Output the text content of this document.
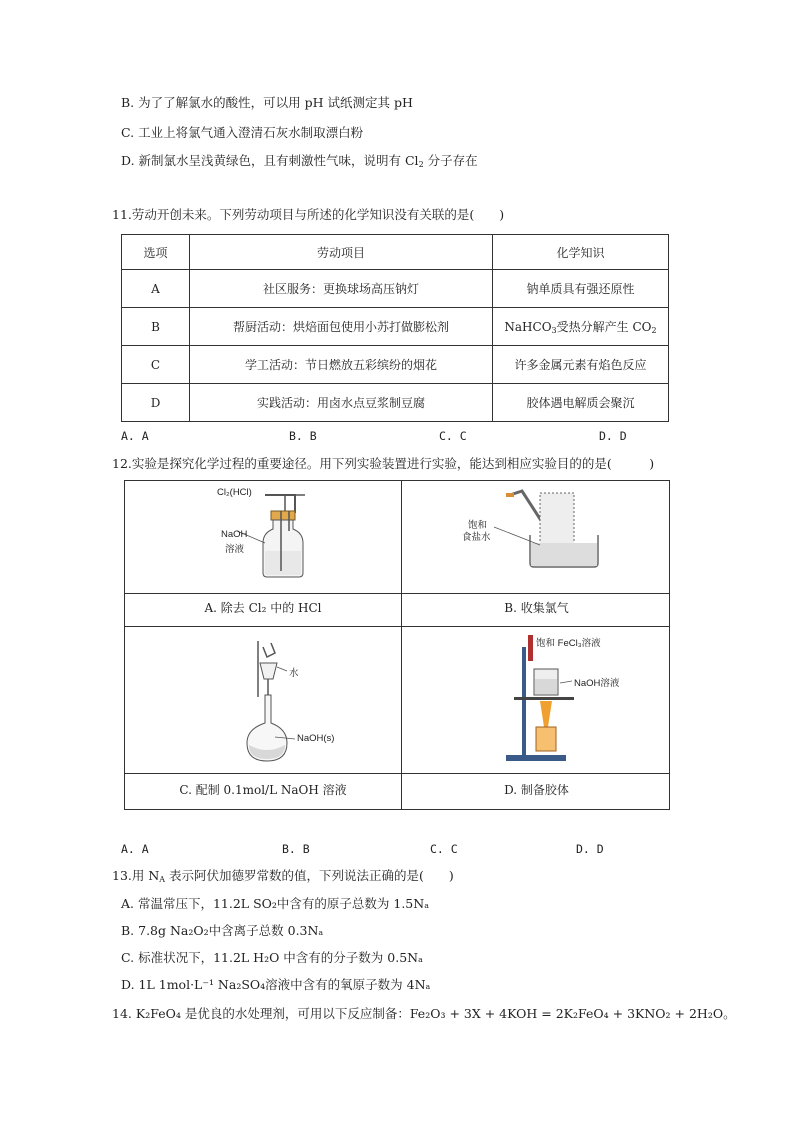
B. 为了了解氯水的酸性，可以用 pH 试纸测定其 pH
C. 工业上将氯气通入澄清石灰水制取漂白粉
D. 新制氯水呈浅黄绿色，且有刺激性气味，说明有 $Cl_2$ 分子存在
11.劳动开创未来。下列劳动项目与所述的化学知识没有关联的是(　　)
选项	劳动项目	化学知识
A	社区服务：更换球场高压钠灯	钠单质具有强还原性
B	帮厨活动：烘焙面包使用小苏打做膨松剂	NaHCO$_3$受热分解产生 $CO_2$
C	学工活动：节日燃放五彩缤纷的烟花	许多金属元素有焰色反应
D	实践活动：用卤水点豆浆制豆腐	胶体遇电解质会聚沉
A. A	B. B	C. C	D. D
12.实验是探究化学过程的重要途径。用下列实验装置进行实验，能达到相应实验目的的是(　　　)
Cl₂(HCl)
NaOH
溶液
饱和
食盐水
A. 除去 Cl₂ 中的 HCl	B. 收集氯气
水
NaOH(s)
饱和 FeCl₃溶液
NaOH溶液
C. 配制 0.1mol/L NaOH 溶液	D. 制备胶体
A. A	B. B	C. C	D. D
13.用 $N_A$ 表示阿伏加德罗常数的值，下列说法正确的是(　　)
A. 常温常压下，11.2L SO₂中含有的原子总数为 1.5Nₐ
B. 7.8g Na₂O₂中含离子总数 0.3Nₐ
C. 标准状况下，11.2L H₂O 中含有的分子数为 0.5Nₐ
D. 1L 1mol·L⁻¹ Na₂SO₄溶液中含有的氧原子数为 4Nₐ
14. K₂FeO₄ 是优良的水处理剂，可用以下反应制备：Fe₂O₃ + 3X + 4KOH = 2K₂FeO₄ + 3KNO₂ + 2H₂O。
